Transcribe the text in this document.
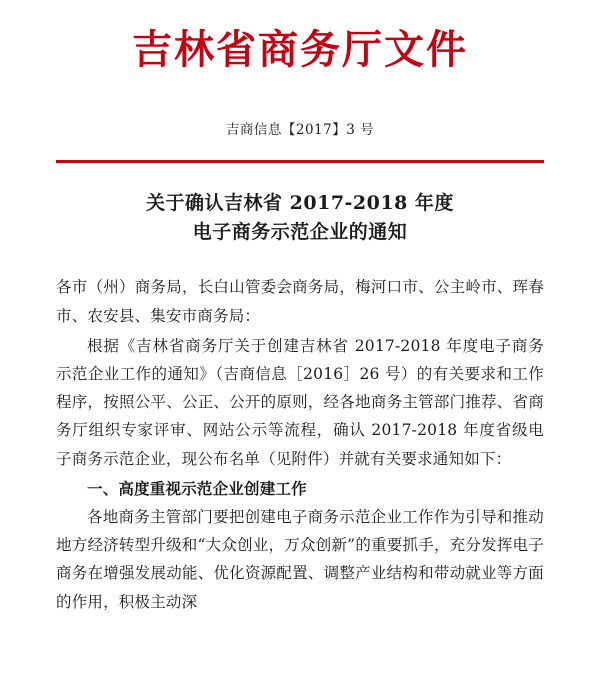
吉林省商务厅文件
吉商信息【2017】3 号
关于确认吉林省 2017-2018 年度
电子商务示范企业的通知

各市（州）商务局，长白山管委会商务局，梅河口市、公主岭市、珲春市、农安县、集安市商务局：

根据《吉林省商务厅关于创建吉林省 2017-2018 年度电子商务示范企业工作的通知》（吉商信息［2016］26 号）的有关要求和工作程序，按照公平、公正、公开的原则，经各地商务主管部门推荐、省商务厅组织专家评审、网站公示等流程，确认 2017-2018 年度省级电子商务示范企业，现公布名单（见附件）并就有关要求通知如下：

一、高度重视示范企业创建工作

各地商务主管部门要把创建电子商务示范企业工作作为引导和推动地方经济转型升级和“大众创业，万众创新”的重要抓手，充分发挥电子商务在增强发展动能、优化资源配置、调整产业结构和带动就业等方面的作用，积极主动深
